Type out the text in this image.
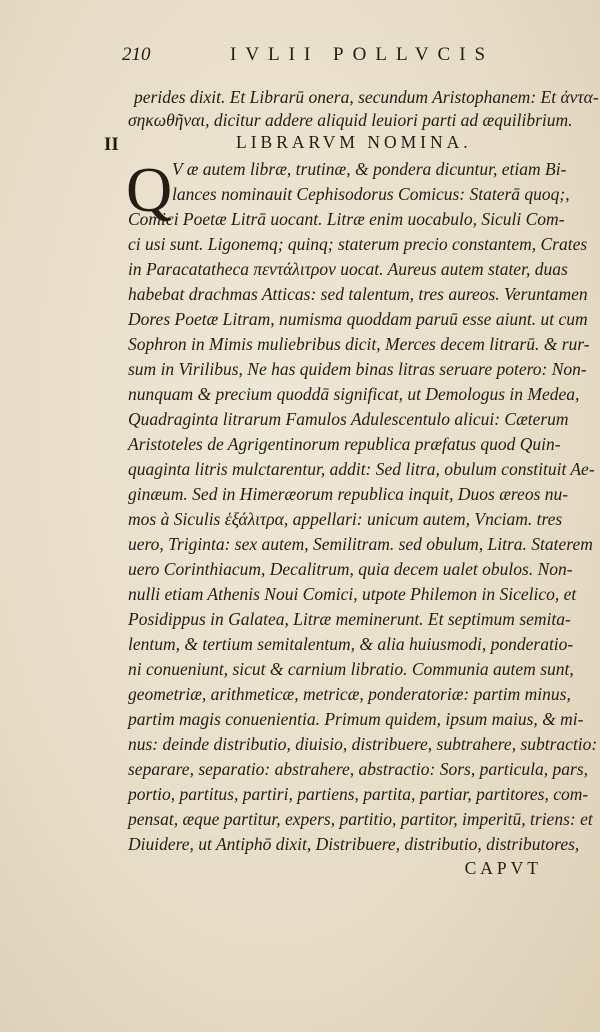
210	IVLII POLLVCIS
perides dixit. Et Librarū onera, secundum Aristophanem: Et ἀντα-
σηκωθῆναι, dicitur addere aliquid leuiori parti ad æquilibrium.
II	LIBRARVM NOMINA.
Q V æ autem libræ, trutinæ, & pondera dicuntur, etiam Bi-
lances nominauit Cephisodorus Comicus: Staterā quoq;,
Comici Poetæ Litrā uocant. Litræ enim uocabulo, Siculi Com-
ci usi sunt. Ligonemq; quinq; staterum precio constantem, Crates
in Paracatatheca πεντάλιτρον uocat. Aureus autem stater, duas
habebat drachmas Atticas: sed talentum, tres aureos. Veruntamen
Dores Poetæ Litram, numisma quoddam paruū esse aiunt. ut cum
Sophron in Mimis muliebribus dicit, Merces decem litrarū. & rur-
sum in Virilibus, Ne has quidem binas litras seruare potero: Non-
nunquam & precium quoddā significat, ut Demologus in Medea,
Quadraginta litrarum Famulos Adulescentulo alicui: Cæterum
Aristoteles de Agrigentinorum republica præfatus quod Quin-
quaginta litris mulctarentur, addit: Sed litra, obulum constituit Ae-
ginæum. Sed in Himeræorum republica inquit, Duos æreos nu-
mos à Siculis ἑξάλιτρα, appellari: unicum autem, Vnciam. tres
uero, Triginta: sex autem, Semilitram. sed obulum, Litra. Staterem
uero Corinthiacum, Decalitrum, quia decem ualet obulos. Non-
nulli etiam Athenis Noui Comici, utpote Philemon in Sicelico, et
Posidippus in Galatea, Litræ meminerunt. Et septimum semita-
lentum, & tertium semitalentum, & alia huiusmodi, ponderatio-
ni conueniunt, sicut & carnium libratio. Communia autem sunt,
geometriæ, arithmeticæ, metricæ, ponderatoriæ: partim minus,
partim magis conuenientia. Primum quidem, ipsum maius, & mi-
nus: deinde distributio, diuisio, distribuere, subtrahere, subtractio:
separare, separatio: abstrahere, abstractio: Sors, particula, pars,
portio, partitus, partiri, partiens, partita, partiar, partitores, com-
pensat, æque partitur, expers, partitio, partitor, imperitū, triens: et
Diuidere, ut Antiphō dixit, Distribuere, distributio, distributores,
CAPVT
